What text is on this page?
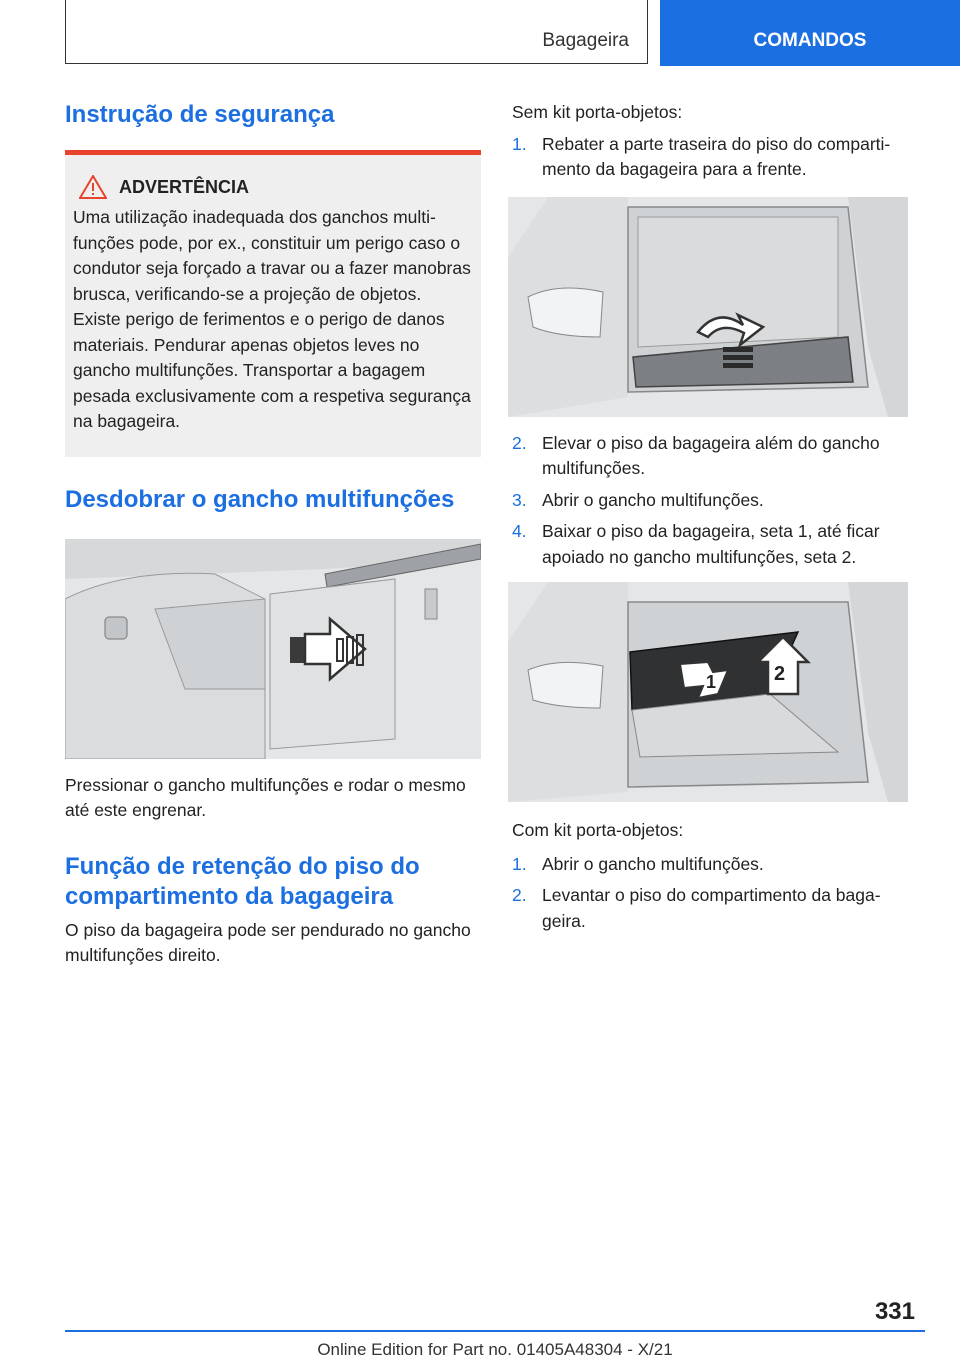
Bagageira	COMANDOS
Instrução de segurança
ADVERTÊNCIA
Uma utilização inadequada dos ganchos multifunções pode, por ex., constituir um perigo caso o condutor seja forçado a travar ou a fazer manobras brusca, verificando-se a projeção de objetos. Existe perigo de ferimentos e o perigo de danos materiais. Pendurar apenas objetos leves no gancho multifunções. Transportar a bagagem pesada exclusivamente com a respetiva segurança na bagageira.
Desdobrar o gancho multifunções

Pressionar o gancho multifunções e rodar o mesmo até este engrenar.

Função de retenção do piso do compartimento da bagageira

O piso da bagageira pode ser pendurado no gancho multifunções direito.

Sem kit porta-objetos:

1. Rebater a parte traseira do piso do compartimento da bagageira para a frente.
2. Elevar o piso da bagageira além do gancho multifunções.
3. Abrir o gancho multifunções.
4. Baixar o piso da bagageira, seta 1, até ficar apoiado no gancho multifunções, seta 2.
1	2

Com kit porta-objetos:

1. Abrir o gancho multifunções.
2. Levantar o piso do compartimento da bagageira.
331
Online Edition for Part no. 01405A48304 - X/21
